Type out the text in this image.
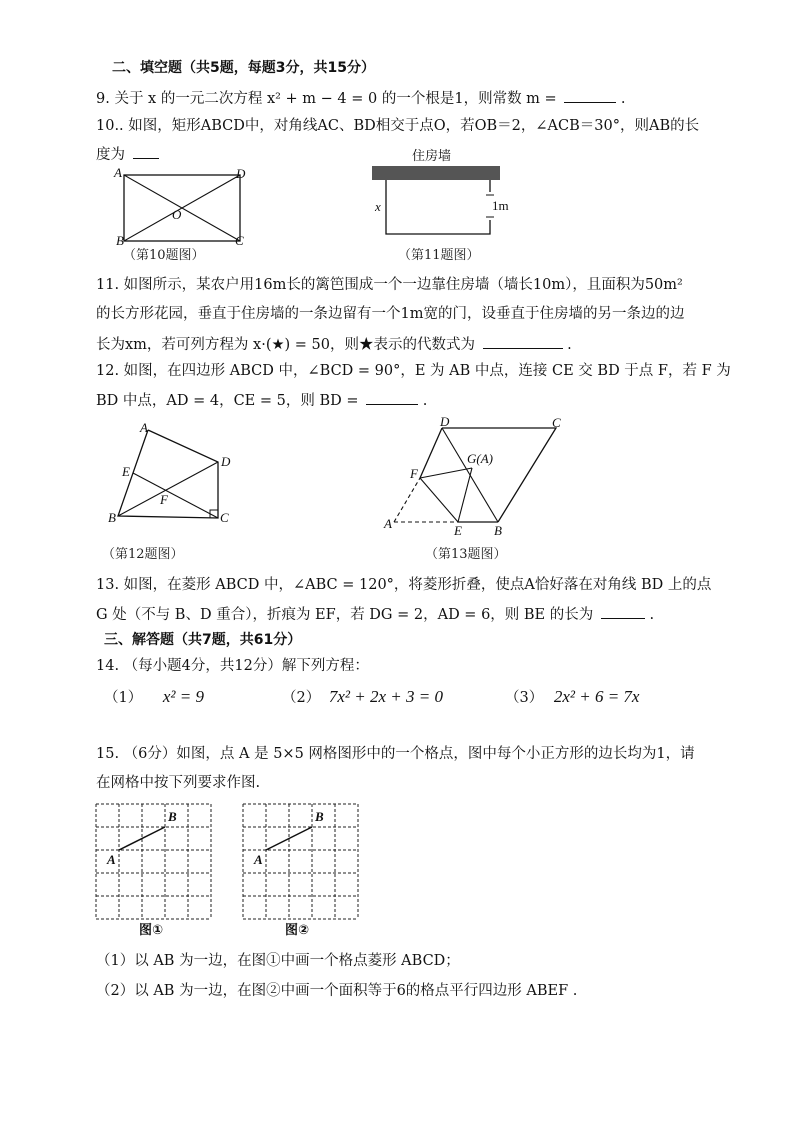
二、填空题（共5题，每题3分，共15分）
9. 关于 x 的一元二次方程 x² + m − 4 = 0 的一个根是1，则常数 m =	.
10.. 如图，矩形ABCD中，对角线AC、BD相交于点O，若OB＝2，∠ACB＝30°，则AB的长
度为
A	D
O
B	C
（第10题图）
住房墙
1m
x
（第11题图）
11. 如图所示，某农户用16m长的篱笆围成一个一边靠住房墙（墙长10m），且面积为50m²
的长方形花园，垂直于住房墙的一条边留有一个1m宽的门，设垂直于住房墙的另一条边的边
长为xm，若可列方程为 x·(★) = 50，则★表示的代数式为	.
12. 如图，在四边形 ABCD 中，∠BCD = 90°，E 为 AB 中点，连接 CE 交 BD 于点 F，若 F 为
BD 中点，AD = 4，CE = 5，则 BD =	.
A
D
E
F
B	C
（第12题图）
D	C
G(A)
F
A	E B
（第13题图）
13. 如图，在菱形 ABCD 中，∠ABC = 120°，将菱形折叠，使点A恰好落在对角线 BD 上的点
G 处（不与 B、D 重合），折痕为 EF，若 DG = 2，AD = 6，则 BE 的长为	.
三、解答题（共7题，共61分）
14. （每小题4分，共12分）解下列方程：
（1） x² = 9	（2） 7x² + 2x + 3 = 0	（3） 2x² + 6 = 7x
15. （6分）如图，点 A 是 5×5 网格图形中的一个格点，图中每个小正方形的边长均为1，请
在网格中按下列要求作图.
A
B
图①
A
B
图②
（1）以 AB 为一边，在图①中画一个格点菱形 ABCD；
（2）以 AB 为一边，在图②中画一个面积等于6的格点平行四边形 ABEF .
